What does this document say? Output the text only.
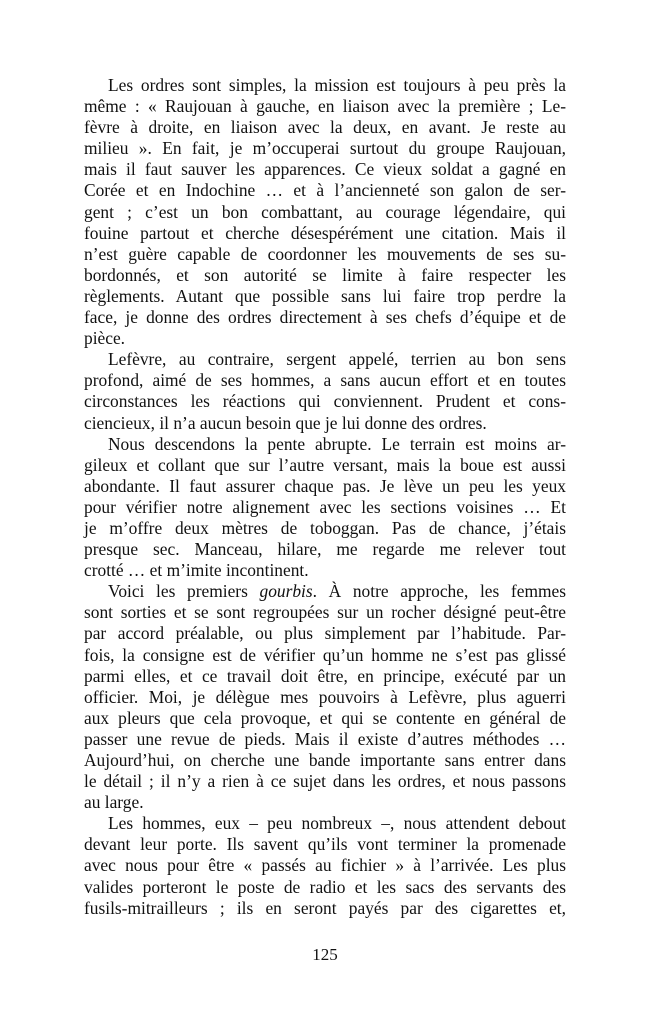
Les ordres sont simples, la mission est toujours à peu près la
même : « Raujouan à gauche, en liaison avec la première ; Le-
fèvre à droite, en liaison avec la deux, en avant. Je reste au
milieu ». En fait, je m’occuperai surtout du groupe Raujouan,
mais il faut sauver les apparences. Ce vieux soldat a gagné en
Corée et en Indochine … et à l’ancienneté son galon de ser-
gent ; c’est un bon combattant, au courage légendaire, qui
fouine partout et cherche désespérément une citation. Mais il
n’est guère capable de coordonner les mouvements de ses su-
bordonnés, et son autorité se limite à faire respecter les
règlements. Autant que possible sans lui faire trop perdre la
face, je donne des ordres directement à ses chefs d’équipe et de
pièce.
Lefèvre, au contraire, sergent appelé, terrien au bon sens
profond, aimé de ses hommes, a sans aucun effort et en toutes
circonstances les réactions qui conviennent. Prudent et cons-
ciencieux, il n’a aucun besoin que je lui donne des ordres.
Nous descendons la pente abrupte. Le terrain est moins ar-
gileux et collant que sur l’autre versant, mais la boue est aussi
abondante. Il faut assurer chaque pas. Je lève un peu les yeux
pour vérifier notre alignement avec les sections voisines … Et
je m’offre deux mètres de toboggan. Pas de chance, j’étais
presque sec. Manceau, hilare, me regarde me relever tout
crotté … et m’imite incontinent.
Voici les premiers gourbis. À notre approche, les femmes
sont sorties et se sont regroupées sur un rocher désigné peut-être
par accord préalable, ou plus simplement par l’habitude. Par-
fois, la consigne est de vérifier qu’un homme ne s’est pas glissé
parmi elles, et ce travail doit être, en principe, exécuté par un
officier. Moi, je délègue mes pouvoirs à Lefèvre, plus aguerri
aux pleurs que cela provoque, et qui se contente en général de
passer une revue de pieds. Mais il existe d’autres méthodes …
Aujourd’hui, on cherche une bande importante sans entrer dans
le détail ; il n’y a rien à ce sujet dans les ordres, et nous passons
au large.
Les hommes, eux – peu nombreux –, nous attendent debout
devant leur porte. Ils savent qu’ils vont terminer la promenade
avec nous pour être « passés au fichier » à l’arrivée. Les plus
valides porteront le poste de radio et les sacs des servants des
fusils-mitrailleurs ; ils en seront payés par des cigarettes et,
125
